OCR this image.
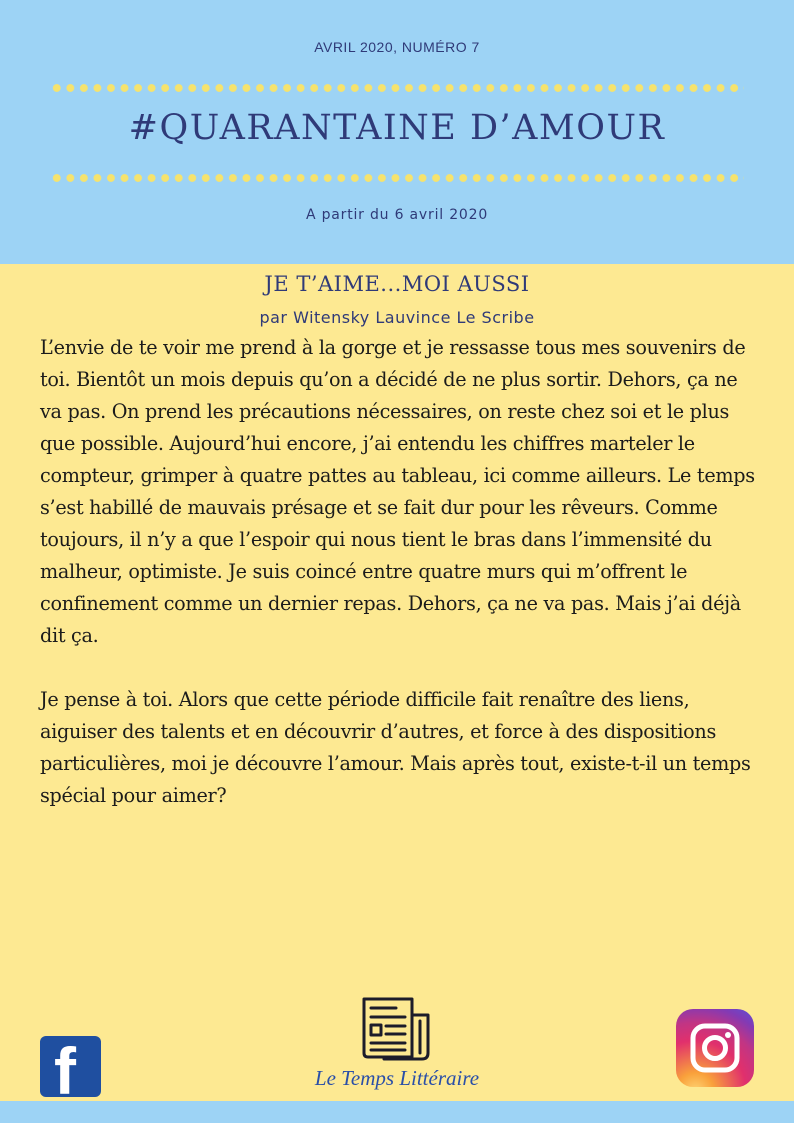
AVRIL 2020, NUMÉRO 7
#QUARANTAINE D’AMOUR
A partir du 6 avril 2020
JE T’AIME...MOI AUSSI
par Witensky Lauvince Le Scribe

L’envie de te voir me prend à la gorge et je ressasse tous mes souvenirs de toi. Bientôt un mois depuis qu’on a décidé de ne plus sortir. Dehors, ça ne va pas. On prend les précautions nécessaires, on reste chez soi et le plus que possible. Aujourd’hui encore, j’ai entendu les chiffres marteler le compteur, grimper à quatre pattes au tableau, ici comme ailleurs. Le temps s’est habillé de mauvais présage et se fait dur pour les rêveurs. Comme toujours, il n’y a que l’espoir qui nous tient le bras dans l’immensité du malheur, optimiste. Je suis coincé entre quatre murs qui m’offrent le confinement comme un dernier repas. Dehors, ça ne va pas. Mais j’ai déjà dit ça.

Je pense à toi. Alors que cette période difficile fait renaître des liens, aiguiser des talents et en découvrir d’autres, et force à des dispositions particulières, moi je découvre l’amour. Mais après tout, existe-t-il un temps spécial pour aimer?

f	Le Temps Littéraire
